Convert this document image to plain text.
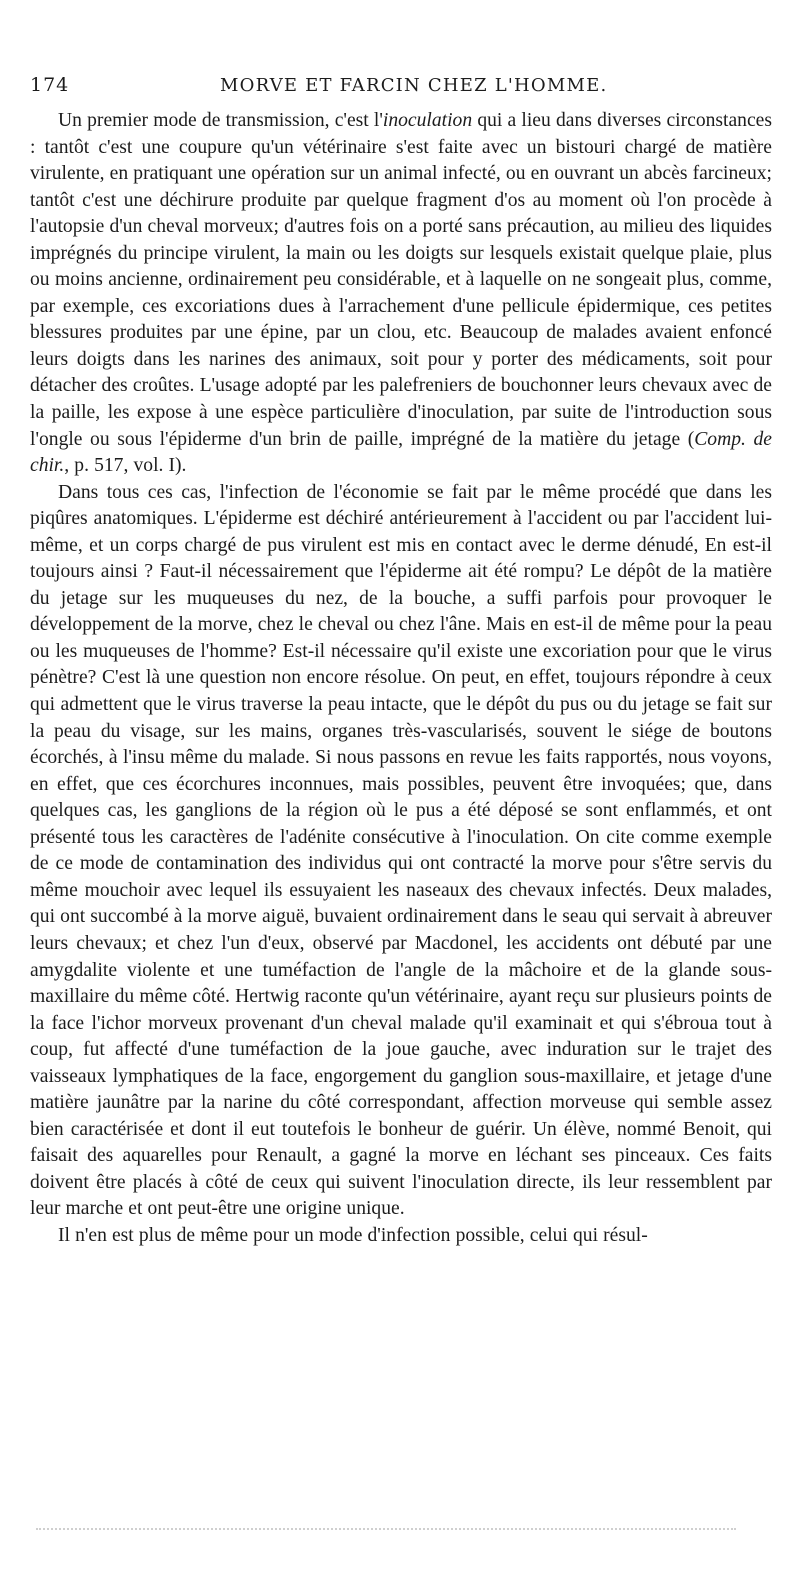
174	MORVE ET FARCIN CHEZ L'HOMME.

Un premier mode de transmission, c'est l'inoculation qui a lieu dans diverses circonstances : tantôt c'est une coupure qu'un vétérinaire s'est faite avec un bistouri chargé de matière virulente, en pratiquant une opération sur un animal infecté, ou en ouvrant un abcès farcineux; tantôt c'est une déchirure produite par quelque fragment d'os au moment où l'on procède à l'autopsie d'un cheval morveux; d'autres fois on a porté sans précaution, au milieu des liquides imprégnés du principe virulent, la main ou les doigts sur lesquels existait quelque plaie, plus ou moins ancienne, ordinairement peu considérable, et à laquelle on ne songeait plus, comme, par exemple, ces excoriations dues à l'arrachement d'une pellicule épidermique, ces petites blessures produites par une épine, par un clou, etc. Beaucoup de malades avaient enfoncé leurs doigts dans les narines des animaux, soit pour y porter des médicaments, soit pour détacher des croûtes. L'usage adopté par les palefreniers de bouchonner leurs chevaux avec de la paille, les expose à une espèce particulière d'inoculation, par suite de l'introduction sous l'ongle ou sous l'épiderme d'un brin de paille, imprégné de la matière du jetage (Comp. de chir., p. 517, vol. I).

Dans tous ces cas, l'infection de l'économie se fait par le même procédé que dans les piqûres anatomiques. L'épiderme est déchiré antérieurement à l'accident ou par l'accident lui-même, et un corps chargé de pus virulent est mis en contact avec le derme dénudé, En est-il toujours ainsi ? Faut-il nécessairement que l'épiderme ait été rompu? Le dépôt de la matière du jetage sur les muqueuses du nez, de la bouche, a suffi parfois pour provoquer le développement de la morve, chez le cheval ou chez l'âne. Mais en est-il de même pour la peau ou les muqueuses de l'homme? Est-il nécessaire qu'il existe une excoriation pour que le virus pénètre? C'est là une question non encore résolue. On peut, en effet, toujours répondre à ceux qui admettent que le virus traverse la peau intacte, que le dépôt du pus ou du jetage se fait sur la peau du visage, sur les mains, organes très-vascularisés, souvent le siége de boutons écorchés, à l'insu même du malade. Si nous passons en revue les faits rapportés, nous voyons, en effet, que ces écorchures inconnues, mais possibles, peuvent être invoquées; que, dans quelques cas, les ganglions de la région où le pus a été déposé se sont enflammés, et ont présenté tous les caractères de l'adénite consécutive à l'inoculation. On cite comme exemple de ce mode de contamination des individus qui ont contracté la morve pour s'être servis du même mouchoir avec lequel ils essuyaient les naseaux des chevaux infectés. Deux malades, qui ont succombé à la morve aiguë, buvaient ordinairement dans le seau qui servait à abreuver leurs chevaux; et chez l'un d'eux, observé par Macdonel, les accidents ont débuté par une amygdalite violente et une tuméfaction de l'angle de la mâchoire et de la glande sous-maxillaire du même côté. Hertwig raconte qu'un vétérinaire, ayant reçu sur plusieurs points de la face l'ichor morveux provenant d'un cheval malade qu'il examinait et qui s'ébroua tout à coup, fut affecté d'une tuméfaction de la joue gauche, avec induration sur le trajet des vaisseaux lymphatiques de la face, engorgement du ganglion sous-maxillaire, et jetage d'une matière jaunâtre par la narine du côté correspondant, affection morveuse qui semble assez bien caractérisée et dont il eut toutefois le bonheur de guérir. Un élève, nommé Benoit, qui faisait des aquarelles pour Renault, a gagné la morve en léchant ses pinceaux. Ces faits doivent être placés à côté de ceux qui suivent l'inoculation directe, ils leur ressemblent par leur marche et ont peut-être une origine unique.

Il n'en est plus de même pour un mode d'infection possible, celui qui résul-
